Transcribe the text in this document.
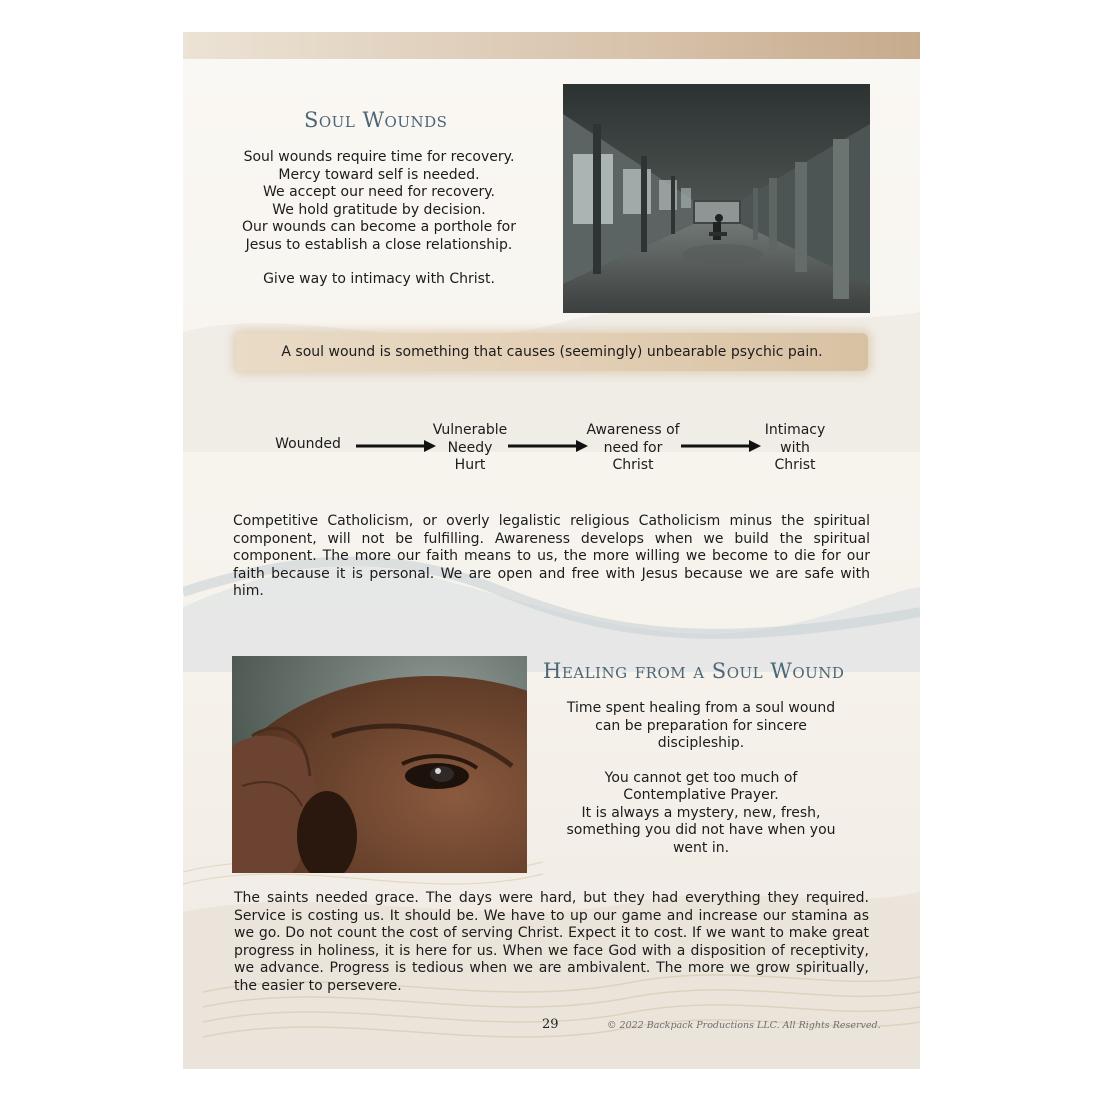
Soul Wounds

Soul wounds require time for recovery.

Mercy toward self is needed.

We accept our need for recovery.

We hold gratitude by decision.

Our wounds can become a porthole for

Jesus to establish a close relationship.

Give way to intimacy with Christ.

A soul wound is something that causes (seemingly) unbearable psychic pain.
Wounded
Vulnerable
Needy
Hurt
Awareness of
need for
Christ
Intimacy
with
Christ

Competitive Catholicism, or overly legalistic religious Catholicism minus the spiritual component, will not be fulfilling. Awareness develops when we build the spiritual component. The more our faith means to us, the more willing we become to die for our faith because it is personal. We are open and free with Jesus because we are safe with him.

Healing from a Soul Wound

Time spent healing from a soul wound

can be preparation for sincere

discipleship.

You cannot get too much of

Contemplative Prayer.

It is always a mystery, new, fresh,

something you did not have when you

went in.

The saints needed grace. The days were hard, but they had everything they required. Service is costing us. It should be. We have to up our game and increase our stamina as we go. Do not count the cost of serving Christ. Expect it to cost. If we want to make great progress in holiness, it is here for us. When we face God with a disposition of receptivity, we advance. Progress is tedious when we are ambivalent. The more we grow spiritually, the easier to persevere.

29	© 2022 Backpack Productions LLC. All Rights Reserved.
